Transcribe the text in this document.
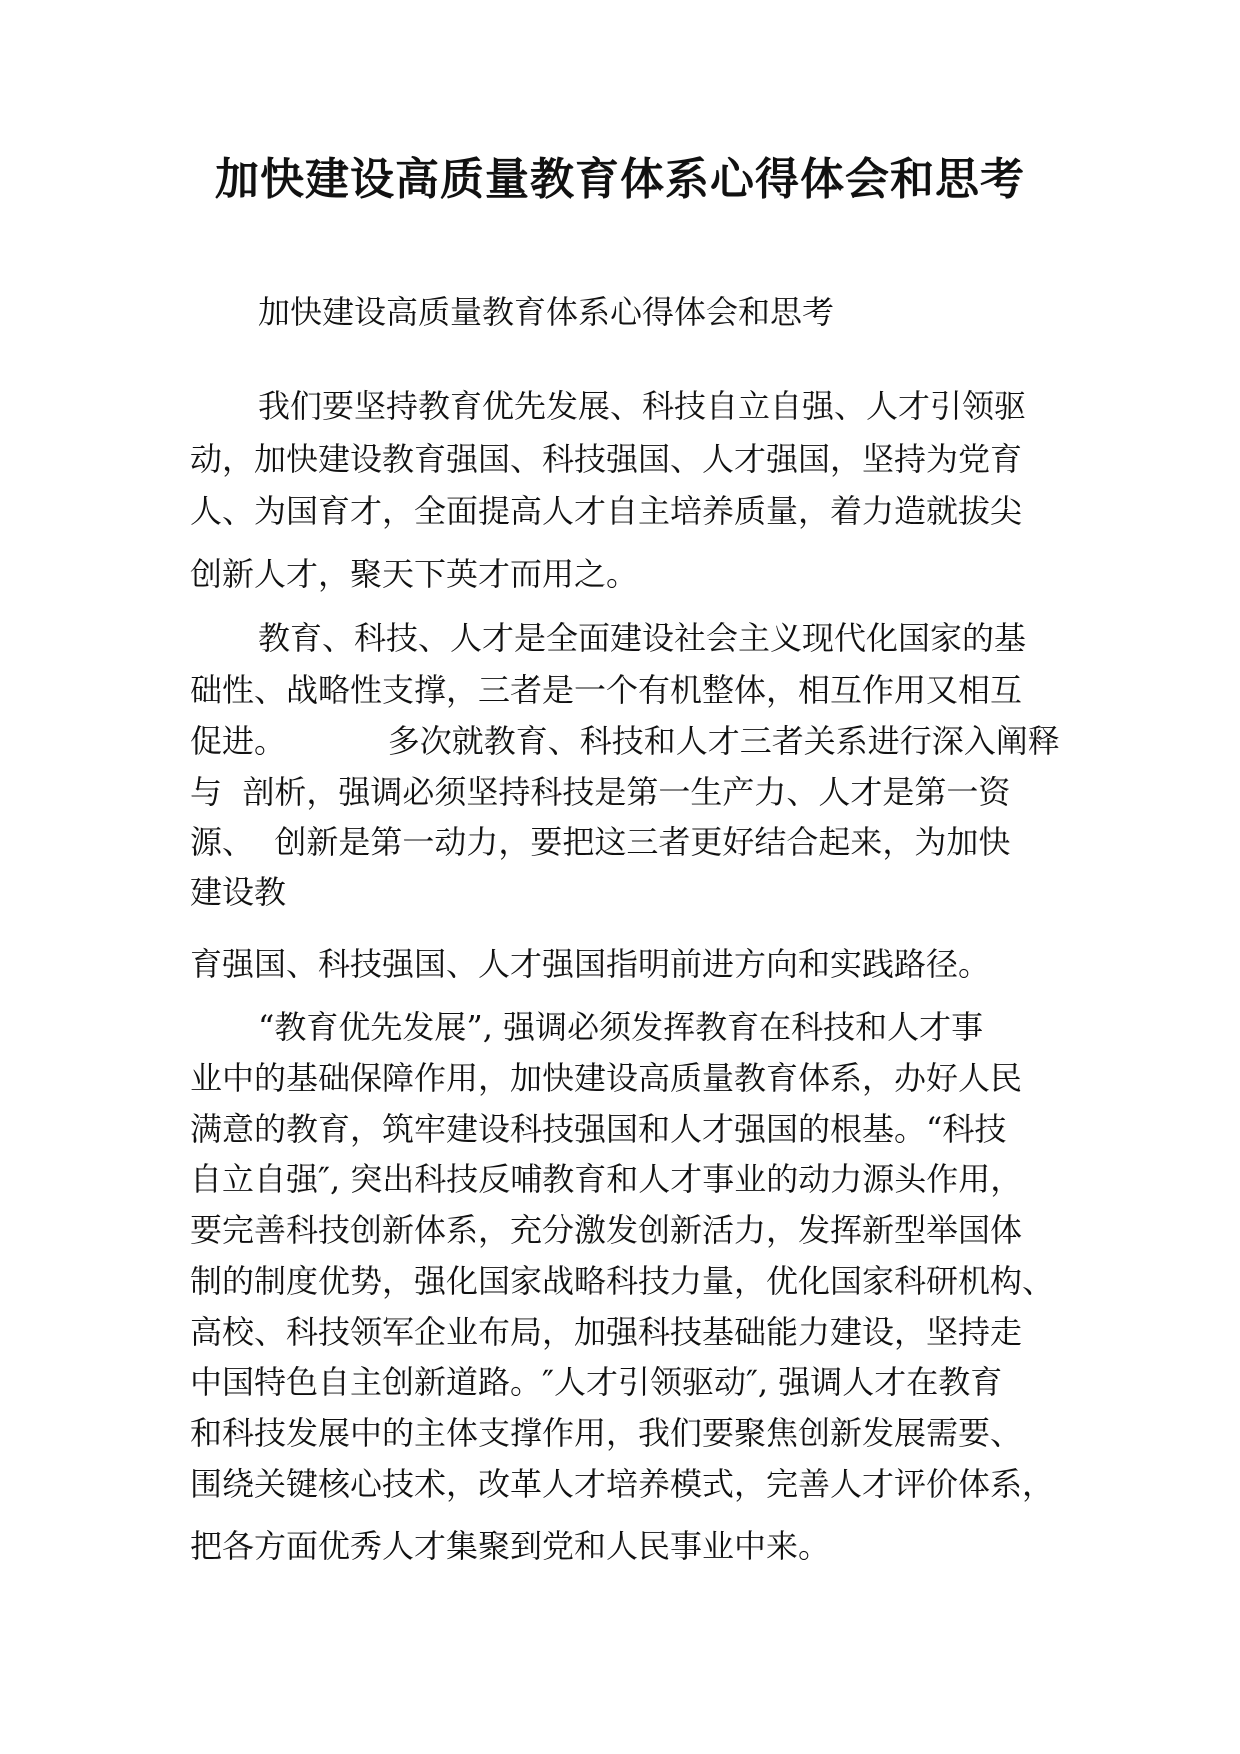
加快建设高质量教育体系心得体会和思考
加快建设高质量教育体系心得体会和思考
我们要坚持教育优先发展、科技自立自强、人才引领驱
动，加快建设教育强国、科技强国、人才强国，坚持为党育
人、为国育才，全面提高人才自主培养质量，着力造就拔尖
创新人才，聚天下英才而用之。
教育、科技、人才是全面建设社会主义现代化国家的基
础性、战略性支撑，三者是一个有机整体，相互作用又相互
促进。          多次就教育、科技和人才三者关系进行深入阐释
与  剖析，强调必须坚持科技是第一生产力、人才是第一资
源、  创新是第一动力，要把这三者更好结合起来，为加快
建设教
育强国、科技强国、人才强国指明前进方向和实践路径。
“教育优先发展”, 强调必须发挥教育在科技和人才事
业中的基础保障作用，加快建设高质量教育体系，办好人民
满意的教育，筑牢建设科技强国和人才强国的根基。“科技
自立自强″, 突出科技反哺教育和人才事业的动力源头作用，
要完善科技创新体系，充分激发创新活力，发挥新型举国体
制的制度优势，强化国家战略科技力量，优化国家科研机构、
高校、科技领军企业布局，加强科技基础能力建设，坚持走
中国特色自主创新道路。″人才引领驱动″, 强调人才在教育
和科技发展中的主体支撑作用，我们要聚焦创新发展需要、
围绕关键核心技术，改革人才培养模式，完善人才评价体系，
把各方面优秀人才集聚到党和人民事业中来。
